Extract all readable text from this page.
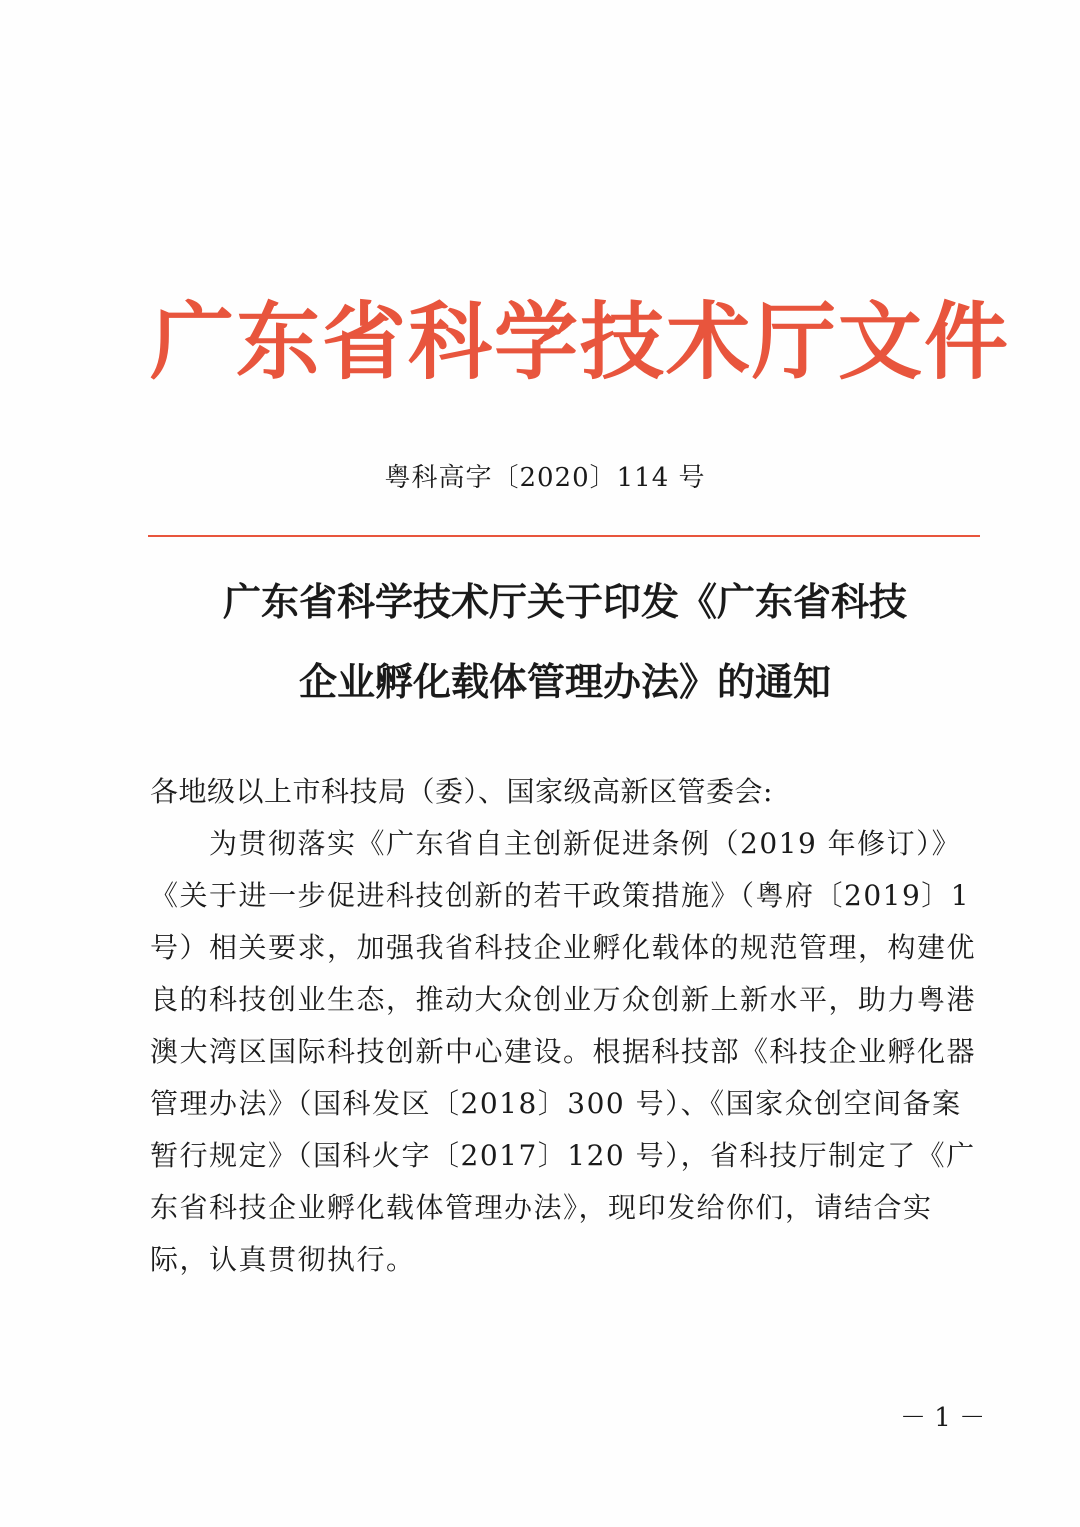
广东省科学技术厅文件
粤科高字〔2020〕114 号
广东省科学技术厅关于印发《广东省科技
企业孵化载体管理办法》的通知

各地级以上市科技局（委）、国家级高新区管委会:

　　为贯彻落实《广东省自主创新促进条例（2019 年修订）》
《关于进一步促进科技创新的若干政策措施》（粤府〔2019〕1
号）相关要求，加强我省科技企业孵化载体的规范管理，构建优
良的科技创业生态，推动大众创业万众创新上新水平，助力粤港
澳大湾区国际科技创新中心建设。根据科技部《科技企业孵化器
管理办法》（国科发区〔2018〕300 号）、《国家众创空间备案
暂行规定》（国科火字〔2017〕120 号），省科技厅制定了《广
东省科技企业孵化载体管理办法》，现印发给你们，请结合实
际，认真贯彻执行。
－ 1 －
